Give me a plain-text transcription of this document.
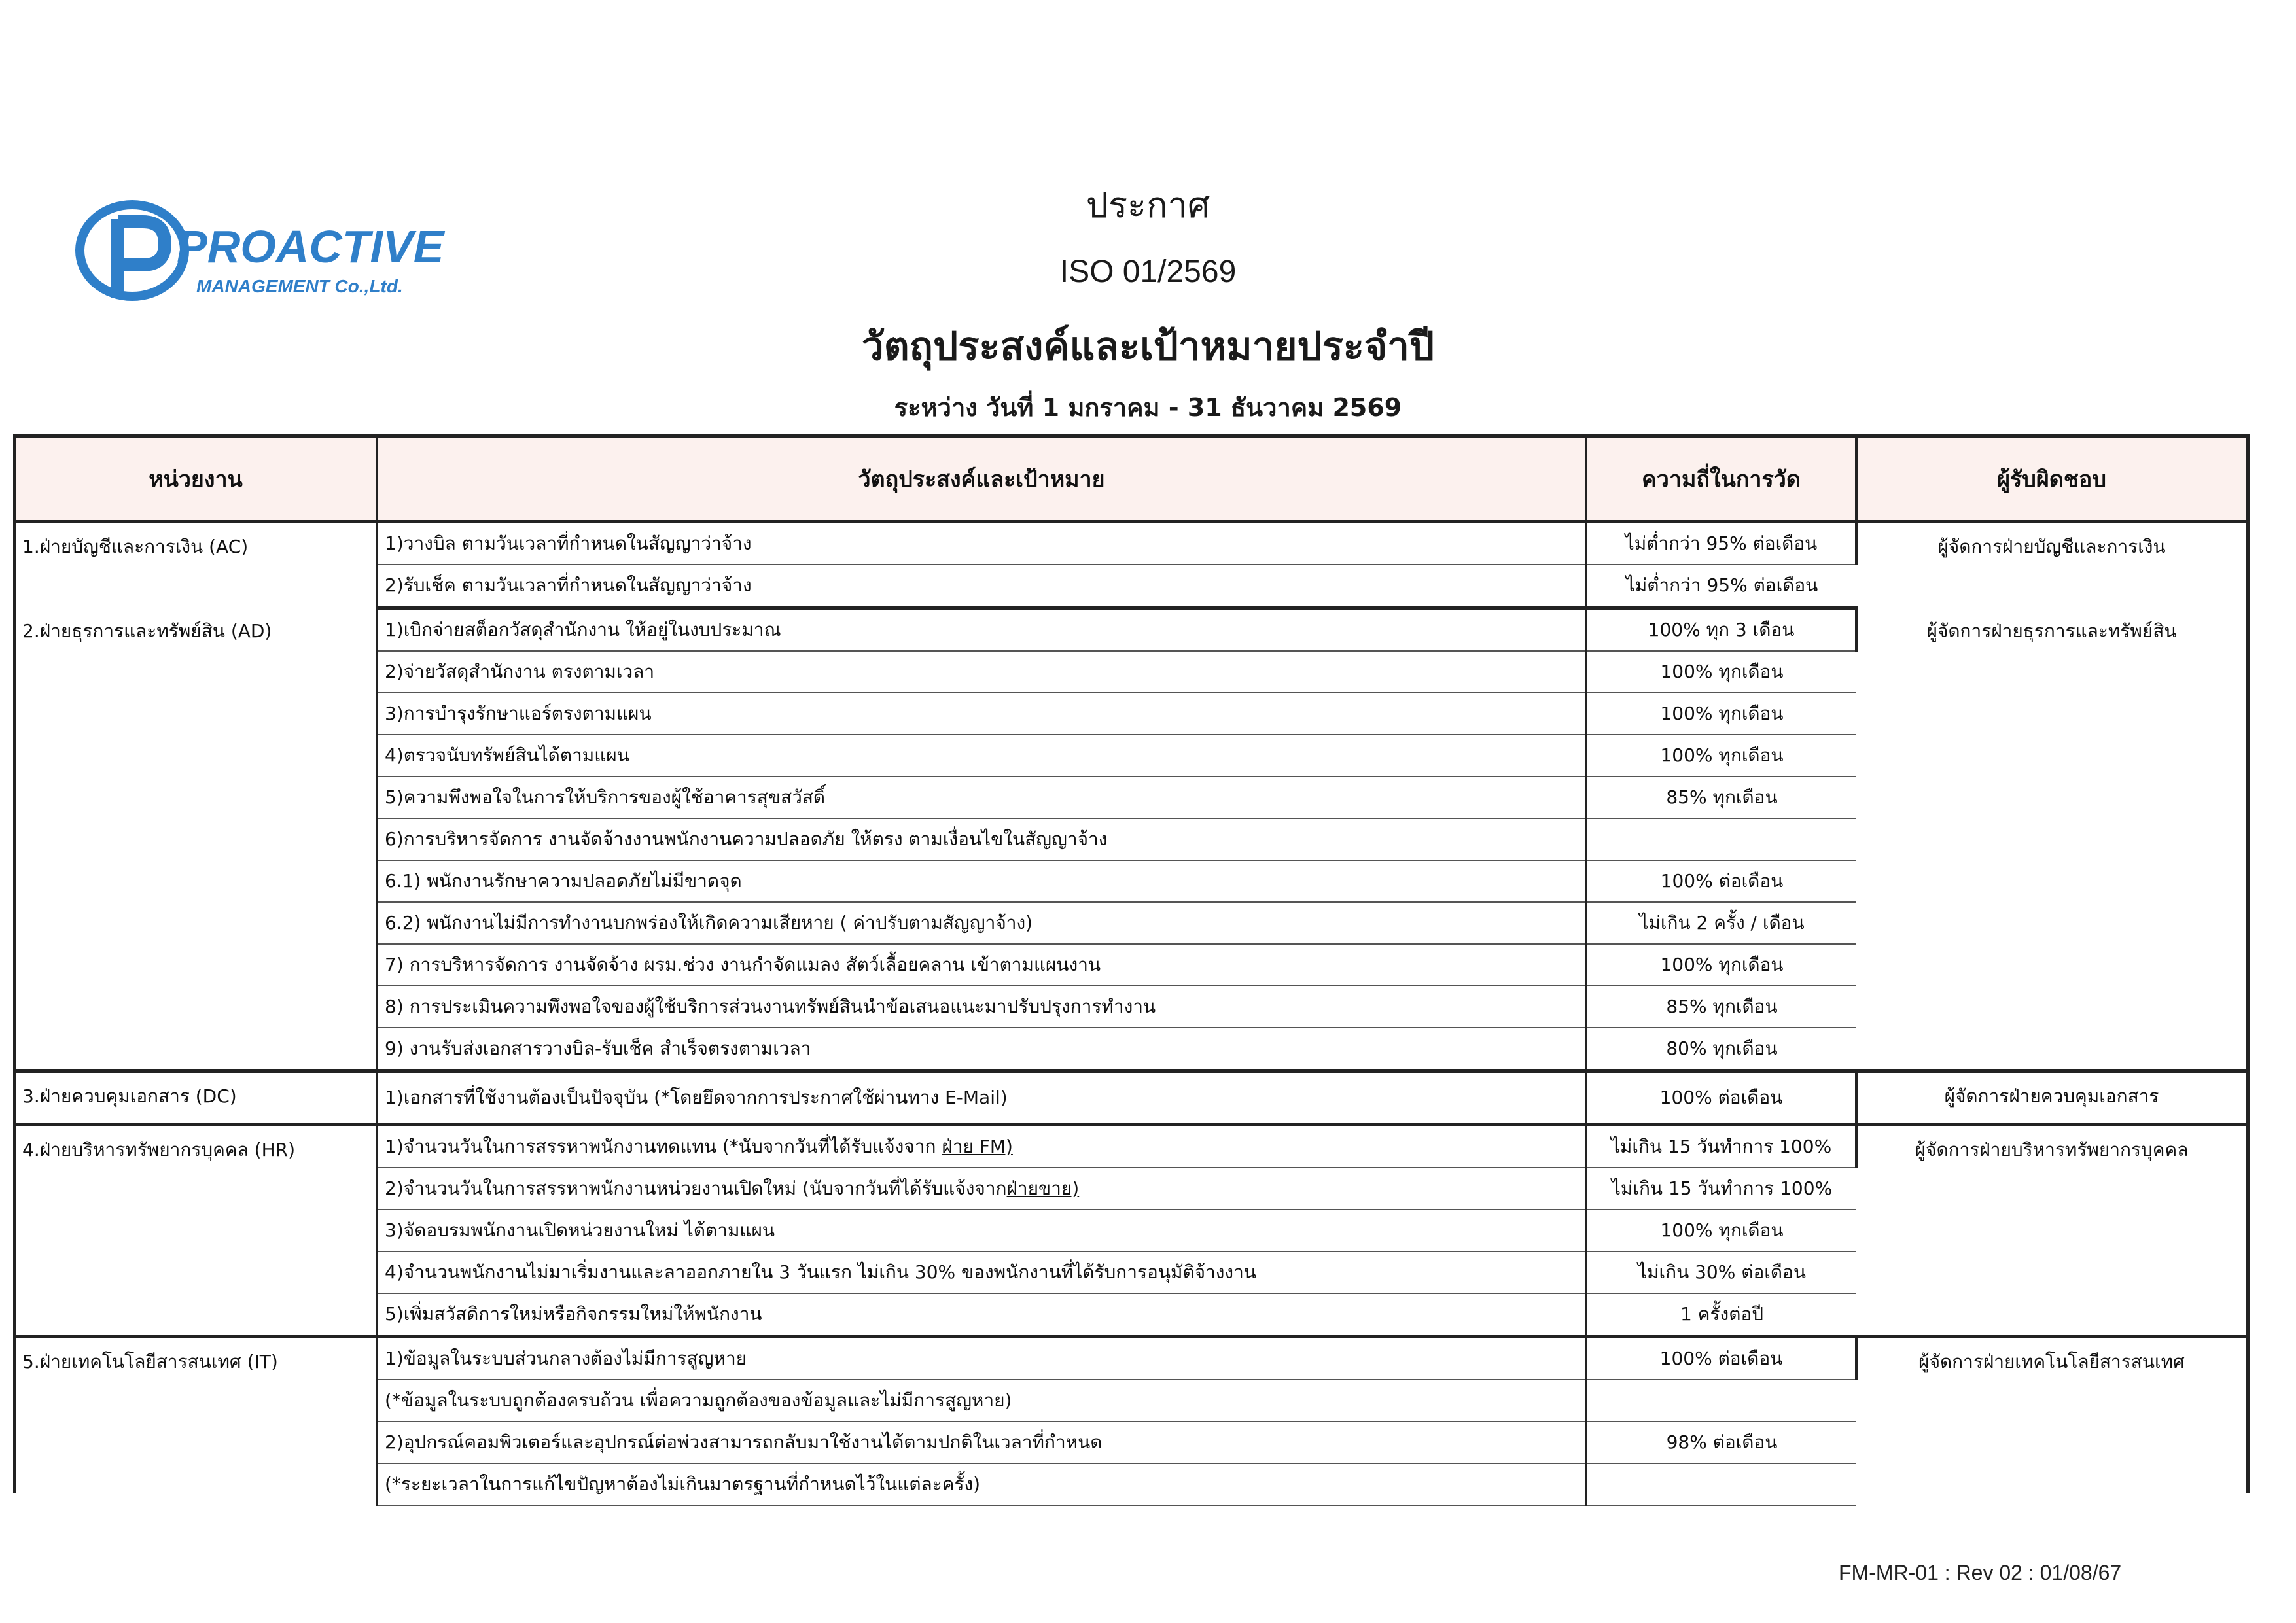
PROACTIVE
MANAGEMENT Co.,Ltd.
ประกาศ
ISO 01/2569
วัตถุประสงค์และเป้าหมายประจำปี
ระหว่าง วันที่ 1 มกราคม - 31 ธันวาคม 2569
หน่วยงาน	วัตถุประสงค์และเป้าหมาย	ความถี่ในการวัด	ผู้รับผิดชอบ
1.ฝ่ายบัญชีและการเงิน (AC)	1)วางบิล ตามวันเวลาที่กำหนดในสัญญาว่าจ้าง	ไม่ต่ำกว่า 95% ต่อเดือน	ผู้จัดการฝ่ายบัญชีและการเงิน
	2)รับเช็ค ตามวันเวลาที่กำหนดในสัญญาว่าจ้าง	ไม่ต่ำกว่า 95% ต่อเดือน	
2.ฝ่ายธุรการและทรัพย์สิน (AD)	1)เบิกจ่ายสต็อกวัสดุสำนักงาน ให้อยู่ในงบประมาณ	100% ทุก 3 เดือน	ผู้จัดการฝ่ายธุรการและทรัพย์สิน
	2)จ่ายวัสดุสำนักงาน ตรงตามเวลา	100% ทุกเดือน	
	3)การบำรุงรักษาแอร์ตรงตามแผน	100% ทุกเดือน	
	4)ตรวจนับทรัพย์สินได้ตามแผน	100% ทุกเดือน	
	5)ความพึงพอใจในการให้บริการของผู้ใช้อาคารสุขสวัสดิ์	85% ทุกเดือน	
	6)การบริหารจัดการ งานจัดจ้างงานพนักงานความปลอดภัย ให้ตรง ตามเงื่อนไขในสัญญาจ้าง		
	6.1) พนักงานรักษาความปลอดภัยไม่มีขาดจุด	100% ต่อเดือน	
	6.2) พนักงานไม่มีการทำงานบกพร่องให้เกิดความเสียหาย ( ค่าปรับตามสัญญาจ้าง)	ไม่เกิน 2 ครั้ง / เดือน	
	7) การบริหารจัดการ งานจัดจ้าง ผรม.ช่วง งานกำจัดแมลง สัตว์เลื้อยคลาน เข้าตามแผนงาน	100% ทุกเดือน	
	8) การประเมินความพึงพอใจของผู้ใช้บริการส่วนงานทรัพย์สินนำข้อเสนอแนะมาปรับปรุงการทำงาน	85% ทุกเดือน	
	9) งานรับส่งเอกสารวางบิล-รับเช็ค สำเร็จตรงตามเวลา	80% ทุกเดือน	
3.ฝ่ายควบคุมเอกสาร (DC)	1)เอกสารที่ใช้งานต้องเป็นปัจจุบัน (*โดยยึดจากการประกาศใช้ผ่านทาง E-Mail)	100% ต่อเดือน	ผู้จัดการฝ่ายควบคุมเอกสาร
4.ฝ่ายบริหารทรัพยากรบุคคล (HR)	1)จำนวนวันในการสรรหาพนักงานทดแทน (*นับจากวันที่ได้รับแจ้งจาก ฝ่าย FM)	ไม่เกิน 15 วันทำการ 100%	ผู้จัดการฝ่ายบริหารทรัพยากรบุคคล
	2)จำนวนวันในการสรรหาพนักงานหน่วยงานเปิดใหม่ (นับจากวันที่ได้รับแจ้งจากฝ่ายขาย)	ไม่เกิน 15 วันทำการ 100%	
	3)จัดอบรมพนักงานเปิดหน่วยงานใหม่ ได้ตามแผน	100% ทุกเดือน	
	4)จำนวนพนักงานไม่มาเริ่มงานและลาออกภายใน 3 วันแรก ไม่เกิน 30% ของพนักงานที่ได้รับการอนุมัติจ้างงาน	ไม่เกิน 30% ต่อเดือน	
	5)เพิ่มสวัสดิการใหม่หรือกิจกรรมใหม่ให้พนักงาน	1 ครั้งต่อปี	
5.ฝ่ายเทคโนโลยีสารสนเทศ (IT)	1)ข้อมูลในระบบส่วนกลางต้องไม่มีการสูญหาย	100% ต่อเดือน	ผู้จัดการฝ่ายเทคโนโลยีสารสนเทศ
	(*ข้อมูลในระบบถูกต้องครบถ้วน เพื่อความถูกต้องของข้อมูลและไม่มีการสูญหาย)		
	2)อุปกรณ์คอมพิวเตอร์และอุปกรณ์ต่อพ่วงสามารถกลับมาใช้งานได้ตามปกติในเวลาที่กำหนด	98% ต่อเดือน	
	(*ระยะเวลาในการแก้ไขปัญหาต้องไม่เกินมาตรฐานที่กำหนดไว้ในแต่ละครั้ง)		
FM-MR-01 : Rev 02 : 01/08/67
